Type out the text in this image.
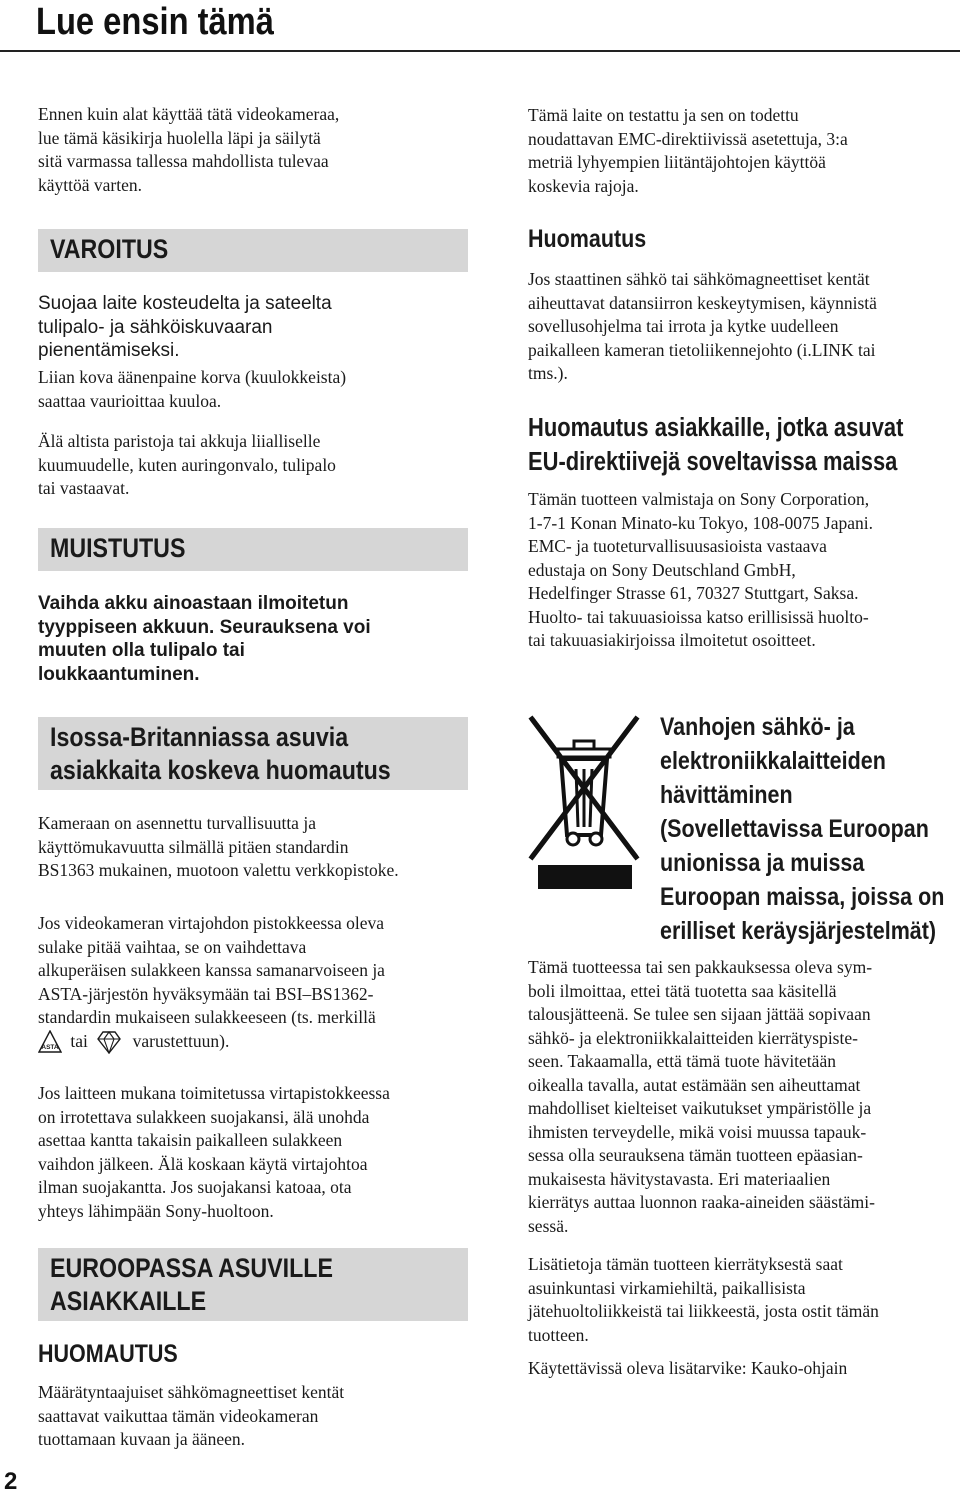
Lue ensin tämä

Ennen kuin alat käyttää tätä videokameraa,

lue tämä käsikirja huolella läpi ja säilytä

sitä varmassa tallessa mahdollista tulevaa

käyttöä varten.

VAROITUS

Suojaa laite kosteudelta ja sateelta

tulipalo- ja sähköiskuvaaran

pienentämiseksi.

Liian kova äänenpaine korva (kuulokkeista)

saattaa vaurioittaa kuuloa.

Älä altista paristoja tai akkuja liialliselle

kuumuudelle, kuten auringonvalo, tulipalo

tai vastaavat.

MUISTUTUS

Vaihda akku ainoastaan ilmoitetun

tyyppiseen akkuun. Seurauksena voi

muuten olla tulipalo tai

loukkaantuminen.

Isossa-Britanniassa asuvia

asiakkaita koskeva huomautus

Kameraan on asennettu turvallisuutta ja

käyttömukavuutta silmällä pitäen standardin

BS1363 mukainen, muotoon valettu verkkopistoke.

Jos videokameran virtajohdon pistokkeessa oleva

sulake pitää vaihtaa, se on vaihdettava

alkuperäisen sulakkeen kanssa samanarvoiseen ja

ASTA-järjestön hyväksymään tai BSI–BS1362-

standardin mukaiseen sulakkeeseen (ts. merkillä

ASTA tai	varustettuun).

Jos laitteen mukana toimitetussa virtapistokkeessa

on irrotettava sulakkeen suojakansi, älä unohda

asettaa kantta takaisin paikalleen sulakkeen

vaihdon jälkeen. Älä koskaan käytä virtajohtoa

ilman suojakantta. Jos suojakansi katoaa, ota

yhteys lähimpään Sony-huoltoon.

EUROOPASSA ASUVILLE

ASIAKKAILLE

HUOMAUTUS

Määrätyntaajuiset sähkömagneettiset kentät

saattavat vaikuttaa tämän videokameran

tuottamaan kuvaan ja ääneen.

Tämä laite on testattu ja sen on todettu

noudattavan EMC-direktiivissä asetettuja, 3:a

metriä lyhyempien liitäntäjohtojen käyttöä

koskevia rajoja.

Huomautus

Jos staattinen sähkö tai sähkömagneettiset kentät

aiheuttavat datansiirron keskeytymisen, käynnistä

sovellusohjelma tai irrota ja kytke uudelleen

paikalleen kameran tietoliikennejohto (i.LINK tai

tms.).

Huomautus asiakkaille, jotka asuvat

EU-direktiivejä soveltavissa maissa

Tämän tuotteen valmistaja on Sony Corporation,

1-7-1 Konan Minato-ku Tokyo, 108-0075 Japani.

EMC- ja tuoteturvallisuusasioista vastaava

edustaja on Sony Deutschland GmbH,

Hedelfinger Strasse 61, 70327 Stuttgart, Saksa.

Huolto- tai takuuasioissa katso erillisissä huolto-

tai takuuasiakirjoissa ilmoitetut osoitteet.

Vanhojen sähkö- ja

elektroniikkalaitteiden

hävittäminen

(Sovellettavissa Euroopan

unionissa ja muissa

Euroopan maissa, joissa on

erilliset keräysjärjestelmät)

Tämä tuotteessa tai sen pakkauksessa oleva sym-

boli ilmoittaa, ettei tätä tuotetta saa käsitellä

talousjätteenä. Se tulee sen sijaan jättää sopivaan

sähkö- ja elektroniikkalaitteiden kierrätyspiste-

seen. Takaamalla, että tämä tuote hävitetään

oikealla tavalla, autat estämään sen aiheuttamat

mahdolliset kielteiset vaikutukset ympäristölle ja

ihmisten terveydelle, mikä voisi muussa tapauk-

sessa olla seurauksena tämän tuotteen epäasian-

mukaisesta hävitystavasta. Eri materiaalien

kierrätys auttaa luonnon raaka-aineiden säästämi-

sessä.

Lisätietoja tämän tuotteen kierrätyksestä saat

asuinkuntasi virkamiehiltä, paikallisista

jätehuoltoliikkeistä tai liikkeestä, josta ostit tämän

tuotteen.

Käytettävissä oleva lisätarvike: Kauko-ohjain

2
